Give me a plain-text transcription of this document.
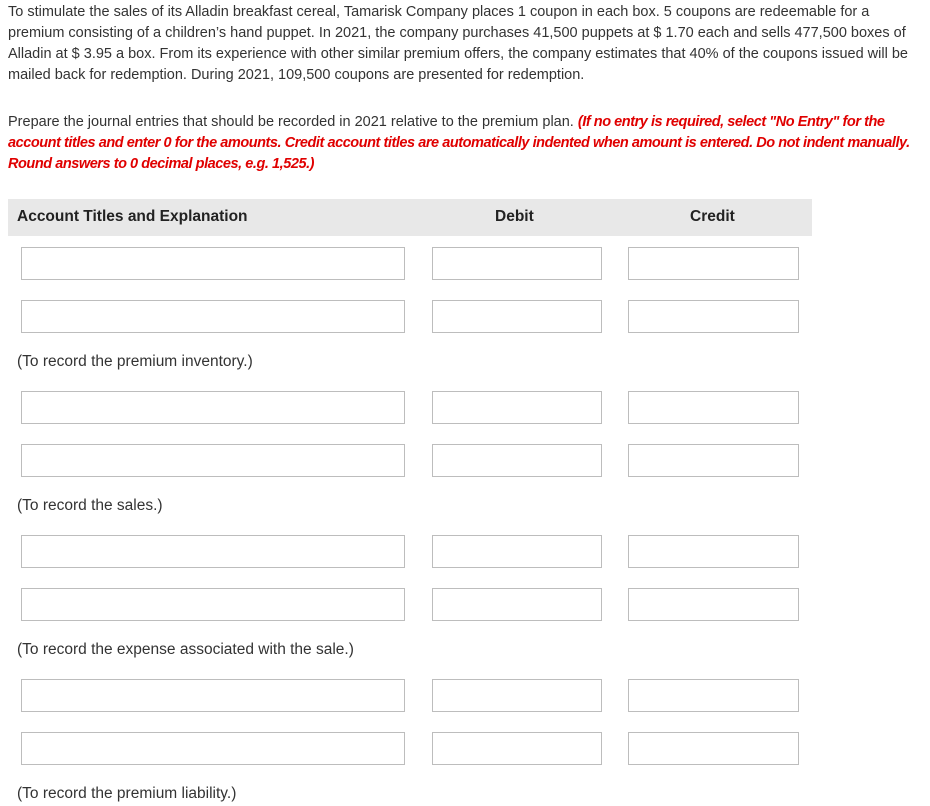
To stimulate the sales of its Alladin breakfast cereal, Tamarisk Company places 1 coupon in each box. 5 coupons are redeemable for a premium consisting of a children’s hand puppet. In 2021, the company purchases 41,500 puppets at $ 1.70 each and sells 477,500 boxes of Alladin at $ 3.95 a box. From its experience with other similar premium offers, the company estimates that 40% of the coupons issued will be mailed back for redemption. During 2021, 109,500 coupons are presented for redemption.

Prepare the journal entries that should be recorded in 2021 relative to the premium plan. (If no entry is required, select "No Entry" for the account titles and enter 0 for the amounts. Credit account titles are automatically indented when amount is entered. Do not indent manually. Round answers to 0 decimal places, e.g. 1,525.)

Account Titles and Explanation	Debit	Credit
(To record the premium inventory.)
(To record the sales.)
(To record the expense associated with the sale.)
(To record the premium liability.)
